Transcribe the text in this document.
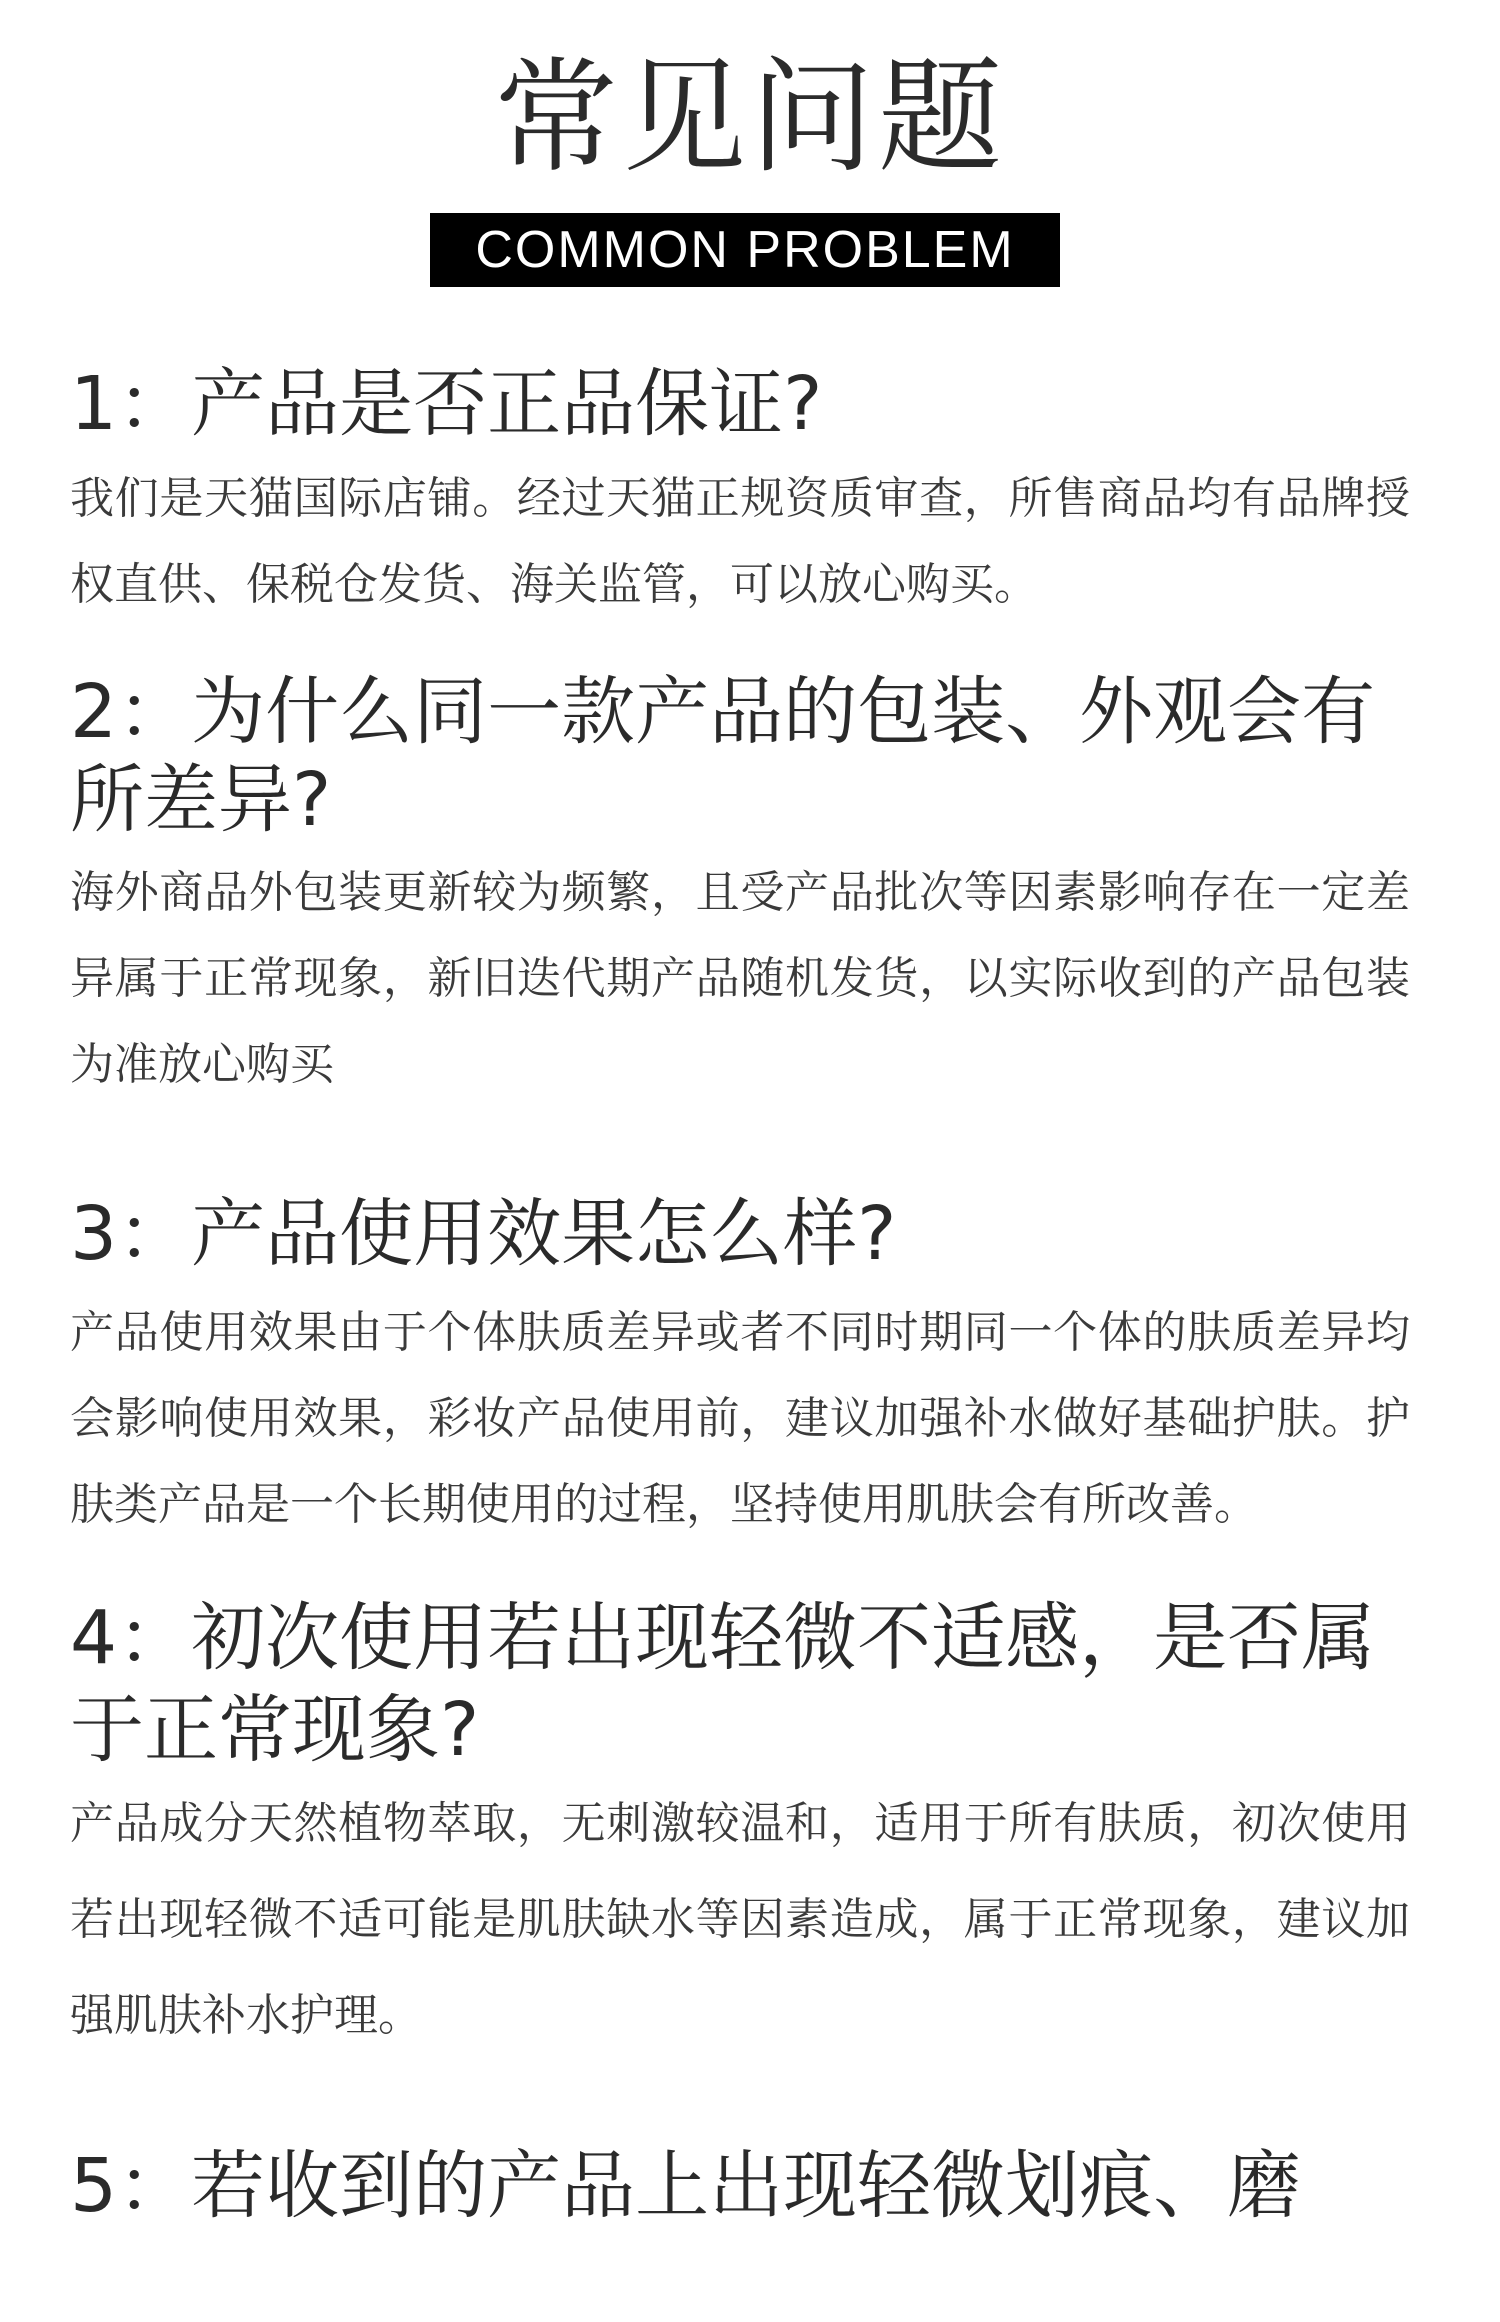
常见问题
COMMON PROBLEM
1：产品是否正品保证?

我们是天猫国际店铺。经过天猫正规资质审查，所售商品均有品牌授权直供、保税仓发货、海关监管，可以放心购买。

2：为什么同一款产品的包装、外观会有所差异?

海外商品外包装更新较为频繁，且受产品批次等因素影响存在一定差异属于正常现象，新旧迭代期产品随机发货，以实际收到的产品包装为准放心购买

3：产品使用效果怎么样?

产品使用效果由于个体肤质差异或者不同时期同一个体的肤质差异均会影响使用效果，彩妆产品使用前，建议加强补水做好基础护肤。护肤类产品是一个长期使用的过程，坚持使用肌肤会有所改善。

4：初次使用若出现轻微不适感，是否属于正常现象?

产品成分天然植物萃取，无刺激较温和，适用于所有肤质，初次使用若出现轻微不适可能是肌肤缺水等因素造成，属于正常现象，建议加强肌肤补水护理。

5：若收到的产品上出现轻微划痕、磨
